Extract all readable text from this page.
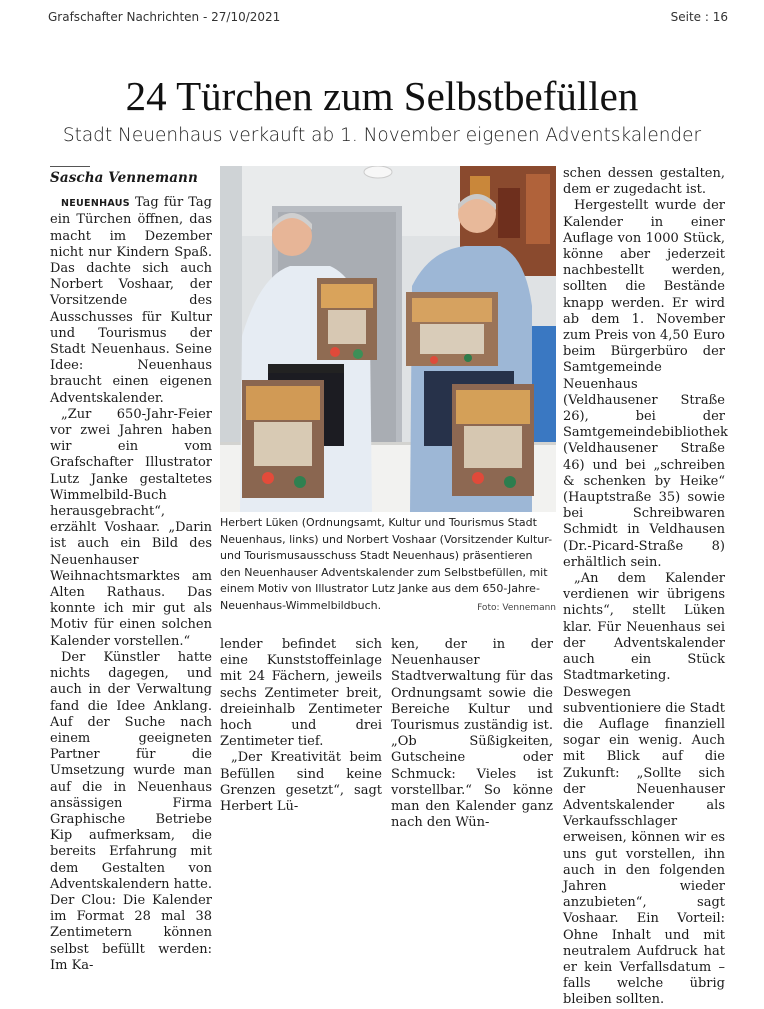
Grafschafter Nachrichten - 27/10/2021	Seite : 16
24 Türchen zum Selbstbefüllen
Stadt Neuenhaus verkauft ab 1. November eigenen Adventskalender

Sascha Vennemann

NEUENHAUS Tag für Tag ein Türchen öffnen, das macht im Dezember nicht nur Kindern Spaß. Das dachte sich auch Norbert Voshaar, der Vorsitzende des Ausschusses für Kultur und Tourismus der Stadt Neuenhaus. Seine Idee: Neuenhaus braucht einen eigenen Adventskalender.

„Zur 650-Jahr-Feier vor zwei Jahren haben wir ein vom Grafschafter Illustrator Lutz Janke gestaltetes Wimmelbild-Buch herausgebracht“, erzählt Voshaar. „Darin ist auch ein Bild des Neuenhauser Weihnachtsmarktes am Alten Rathaus. Das konnte ich mir gut als Motiv für einen solchen Kalender vorstellen.“

Der Künstler hatte nichts dagegen, und auch in der Verwaltung fand die Idee Anklang. Auf der Suche nach einem geeigneten Partner für die Umsetzung wurde man auf die in Neuenhaus ansässigen Firma Graphische Betriebe Kip aufmerksam, die bereits Erfahrung mit dem Gestalten von Adventskalendern hatte. Der Clou: Die Kalender im Format 28 mal 38 Zentimetern können selbst befüllt werden: Im Ka-

Herbert Lüken (Ordnungsamt, Kultur und Tourismus Stadt Neuenhaus, links) und Norbert Voshaar (Vorsitzender Kultur- und Tourismusausschuss Stadt Neuenhaus) präsentieren den Neuenhauser Adventskalender zum Selbstbefüllen, mit einem Motiv von Illustrator Lutz Janke aus dem 650-Jahre-Neuenhaus-Wimmelbildbuch.	Foto: Vennemann

lender befindet sich eine Kunststoffeinlage mit 24 Fächern, jeweils sechs Zentimeter breit, dreieinhalb Zentimeter hoch und drei Zentimeter tief.

„Der Kreativität beim Befüllen sind keine Grenzen gesetzt“, sagt Herbert Lü-

ken, der in der Neuenhauser Stadtverwaltung für das Ordnungsamt sowie die Bereiche Kultur und Tourismus zuständig ist. „Ob Süßigkeiten, Gutscheine oder Schmuck: Vieles ist vorstellbar.“ So könne man den Kalender ganz nach den Wün-

schen dessen gestalten, dem er zugedacht ist.

Hergestellt wurde der Kalender in einer Auflage von 1000 Stück, könne aber jederzeit nachbestellt werden, sollten die Bestände knapp werden. Er wird ab dem 1. November zum Preis von 4,50 Euro beim Bürgerbüro der Samtgemeinde Neuenhaus (Veldhausener Straße 26), bei der Samtgemeindebibliothek (Veldhausener Straße 46) und bei „schreiben & schenken by Heike“ (Hauptstraße 35) sowie bei Schreibwaren Schmidt in Veldhausen (Dr.-Picard-Straße 8) erhältlich sein.

„An dem Kalender verdienen wir übrigens nichts“, stellt Lüken klar. Für Neuenhaus sei der Adventskalender auch ein Stück Stadtmarketing. Deswegen subventioniere die Stadt die Auflage finanziell sogar ein wenig. Auch mit Blick auf die Zukunft: „Sollte sich der Neuenhauser Adventskalender als Verkaufsschlager erweisen, können wir es uns gut vorstellen, ihn auch in den folgenden Jahren wieder anzubieten“, sagt Voshaar. Ein Vorteil: Ohne Inhalt und mit neutralem Aufdruck hat er kein Verfallsdatum – falls welche übrig bleiben sollten.
